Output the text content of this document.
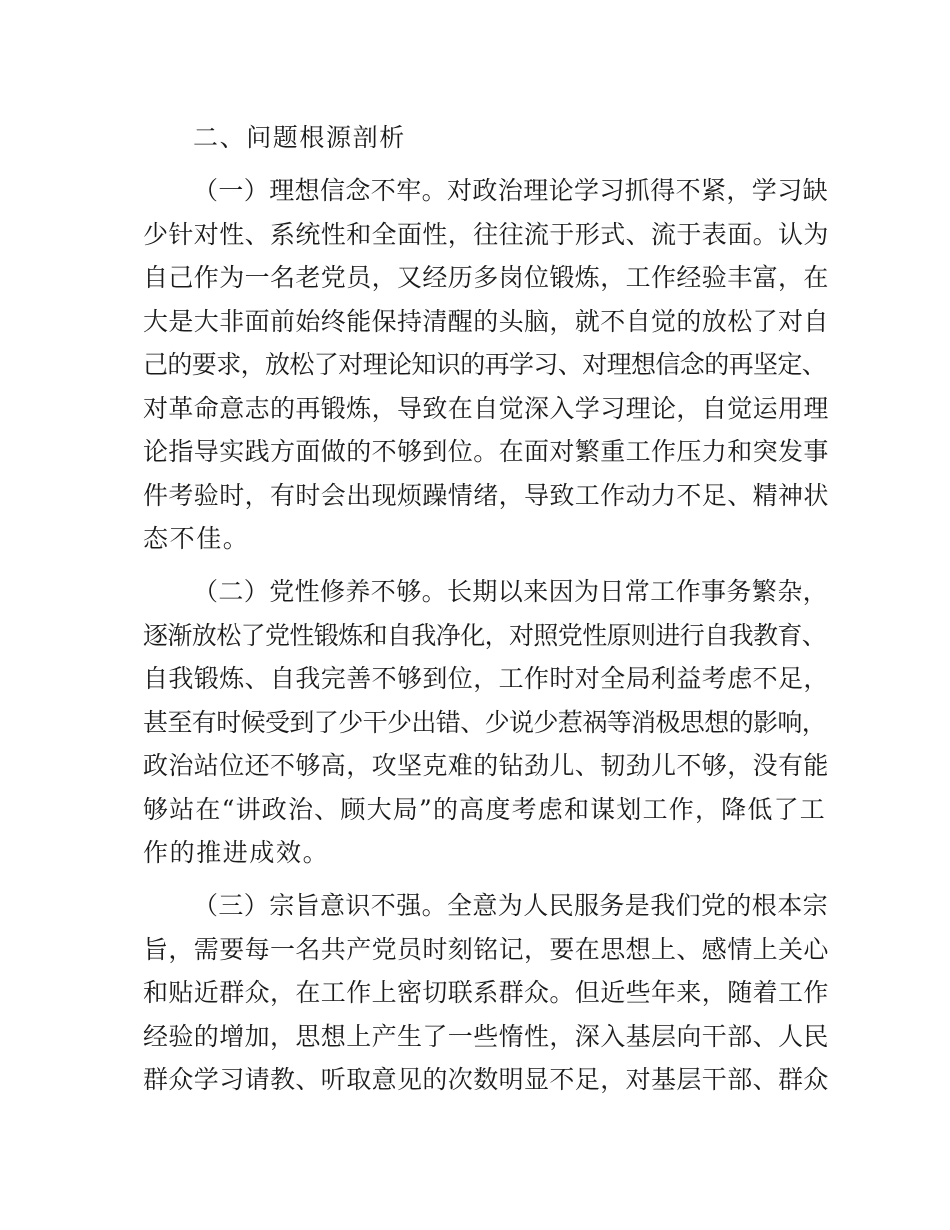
二、问题根源剖析
（一）理想信念不牢。对政治理论学习抓得不紧，学习缺
少针对性、系统性和全面性，往往流于形式、流于表面。认为
自己作为一名老党员，又经历多岗位锻炼，工作经验丰富，在
大是大非面前始终能保持清醒的头脑，就不自觉的放松了对自
己的要求，放松了对理论知识的再学习、对理想信念的再坚定、
对革命意志的再锻炼，导致在自觉深入学习理论，自觉运用理
论指导实践方面做的不够到位。在面对繁重工作压力和突发事
件考验时，有时会出现烦躁情绪，导致工作动力不足、精神状
态不佳。
（二）党性修养不够。长期以来因为日常工作事务繁杂，
逐渐放松了党性锻炼和自我净化，对照党性原则进行自我教育、
自我锻炼、自我完善不够到位，工作时对全局利益考虑不足，
甚至有时候受到了少干少出错、少说少惹祸等消极思想的影响，
政治站位还不够高，攻坚克难的钻劲儿、韧劲儿不够，没有能
够站在“讲政治、顾大局”的高度考虑和谋划工作，降低了工
作的推进成效。
（三）宗旨意识不强。全意为人民服务是我们党的根本宗
旨，需要每一名共产党员时刻铭记，要在思想上、感情上关心
和贴近群众，在工作上密切联系群众。但近些年来，随着工作
经验的增加，思想上产生了一些惰性，深入基层向干部、人民
群众学习请教、听取意见的次数明显不足，对基层干部、群众
